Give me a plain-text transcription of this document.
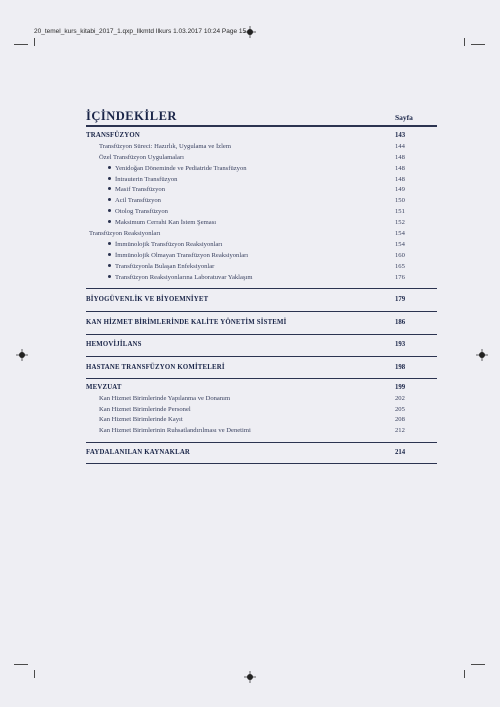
20_temel_kurs_kitabi_2017_1.qxp_Ilkmtd Ilkurs 1.03.2017 10:24 Page 15
İÇİNDEKİLER	Sayfa
TRANSFÜZYON	143
Transfüzyon Süreci: Hazırlık, Uygulama ve İzlem	144
Özel Transfüzyon Uygulamaları	148
Yenidoğan Döneminde ve Pediatride Transfüzyon	148
İntrauterin Transfüzyon	148
Masif Transfüzyon	149
Acil Transfüzyon	150
Otolog Transfüzyon	151
Maksimum Cerrahi Kan İstem Şeması	152
Transfüzyon Reaksiyonları	154
İmmünolojik Transfüzyon Reaksiyonları	154
İmmünolojik Olmayan Transfüzyon Reaksiyonları	160
Transfüzyonla Bulaşan Enfeksiyonlar	165
Transfüzyon Reaksiyonlarına Laboratuvar Yaklaşım	176
BİYOGÜVENLİK VE BİYOEMNİYET	179
KAN HİZMET BİRİMLERİNDE KALİTE YÖNETİM SİSTEMİ	186
HEMOVİJİLANS	193
HASTANE TRANSFÜZYON KOMİTELERİ	198
MEVZUAT	199
Kan Hizmet Birimlerinde Yapılanma ve Donanım	202
Kan Hizmet Birimlerinde Personel	205
Kan Hizmet Birimlerinde Kayıt	208
Kan Hizmet Birimlerinin Ruhsatlandırılması ve Denetimi	212
FAYDALANILAN KAYNAKLAR	214
